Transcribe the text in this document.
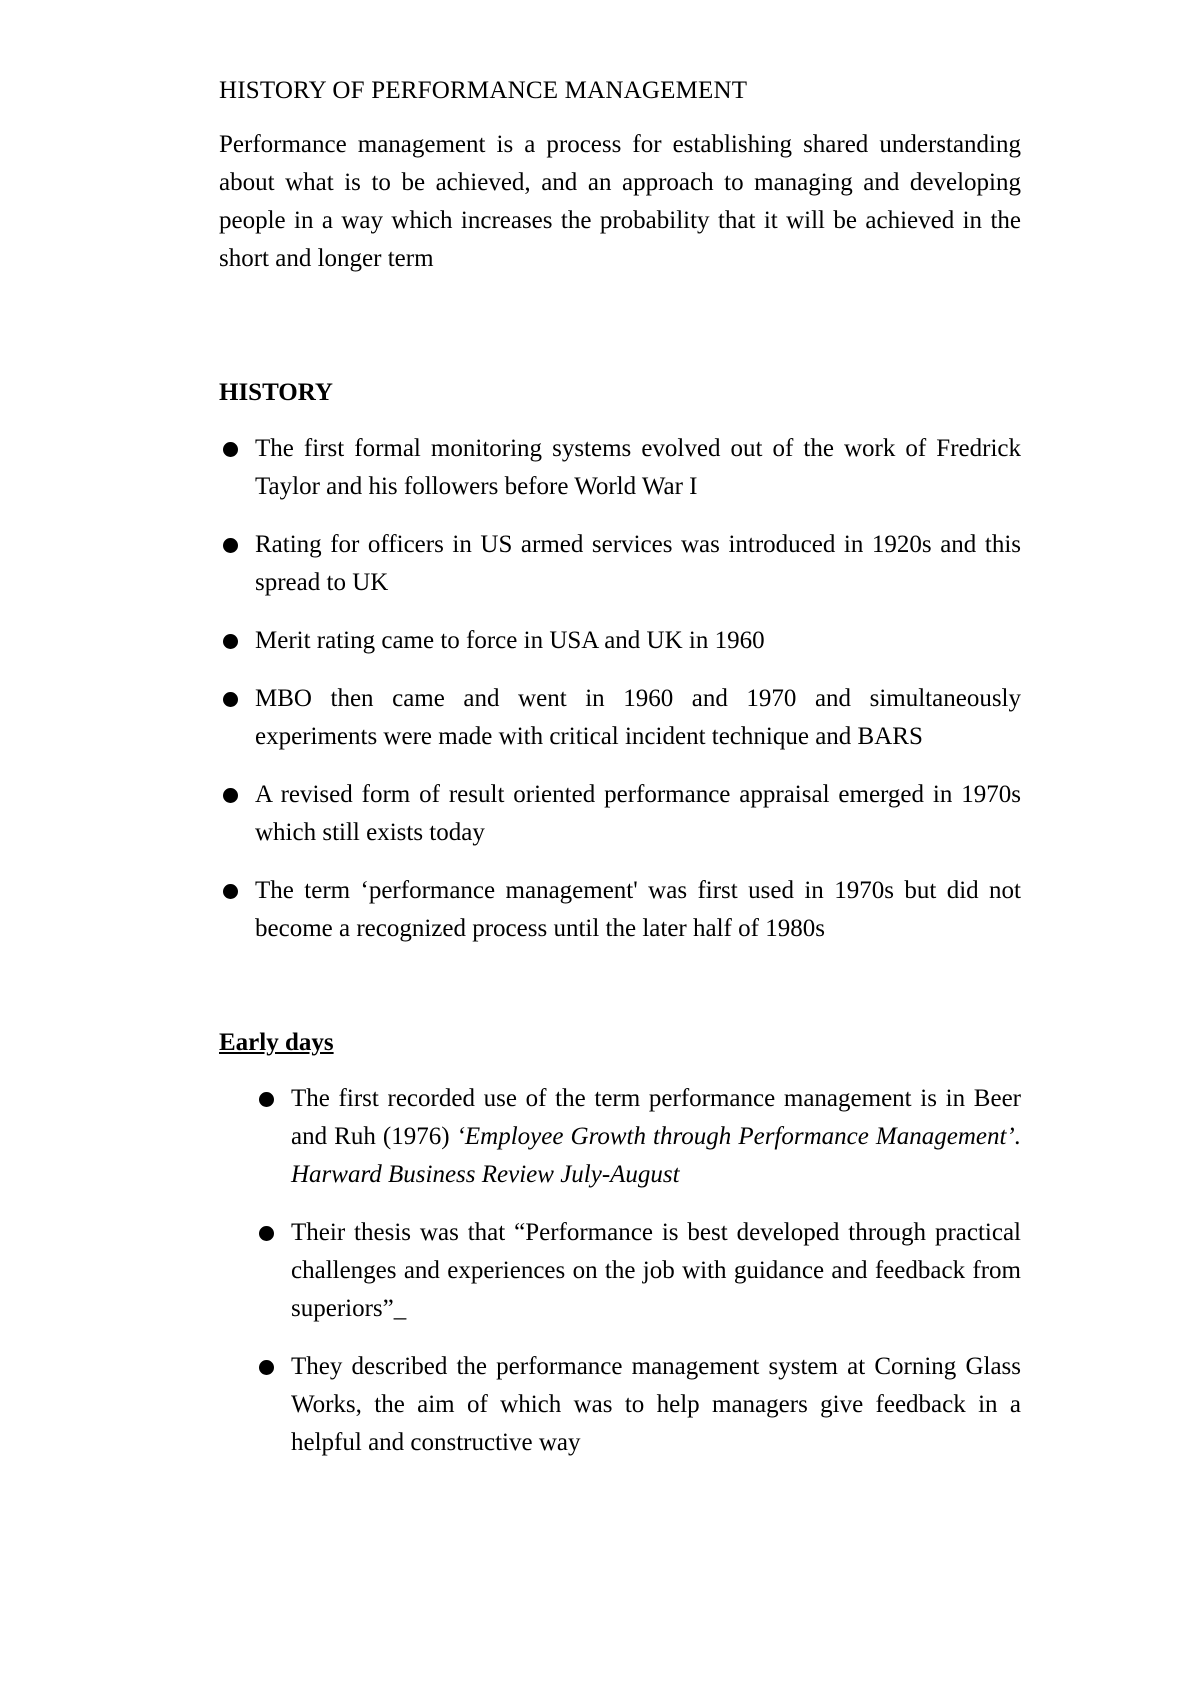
HISTORY OF PERFORMANCE MANAGEMENT

Performance management is a process for establishing shared understanding about what is to be achieved, and an approach to managing and developing people in a way which increases the probability that it will be achieved in the short and longer term

HISTORY

The first formal monitoring systems evolved out of the work of Fredrick Taylor and his followers before World War I
Rating for officers in US armed services was introduced in 1920s and this spread to UK
Merit rating came to force in USA and UK in 1960
MBO then came and went in 1960 and 1970 and simultaneously experiments were made with critical incident technique and BARS
A revised form of result oriented performance appraisal emerged in 1970s which still exists today
The term ‘performance management' was first used in 1970s but did not become a recognized process until the later half of 1980s

Early days

The first recorded use of the term performance management is in Beer and Ruh (1976) ‘Employee Growth through Performance Management’. Harward Business Review July-August
Their thesis was that “Performance is best developed through practical challenges and experiences on the job with guidance and feedback from superiors”_
They described the performance management system at Corning Glass Works, the aim of which was to help managers give feedback in a helpful and constructive way
